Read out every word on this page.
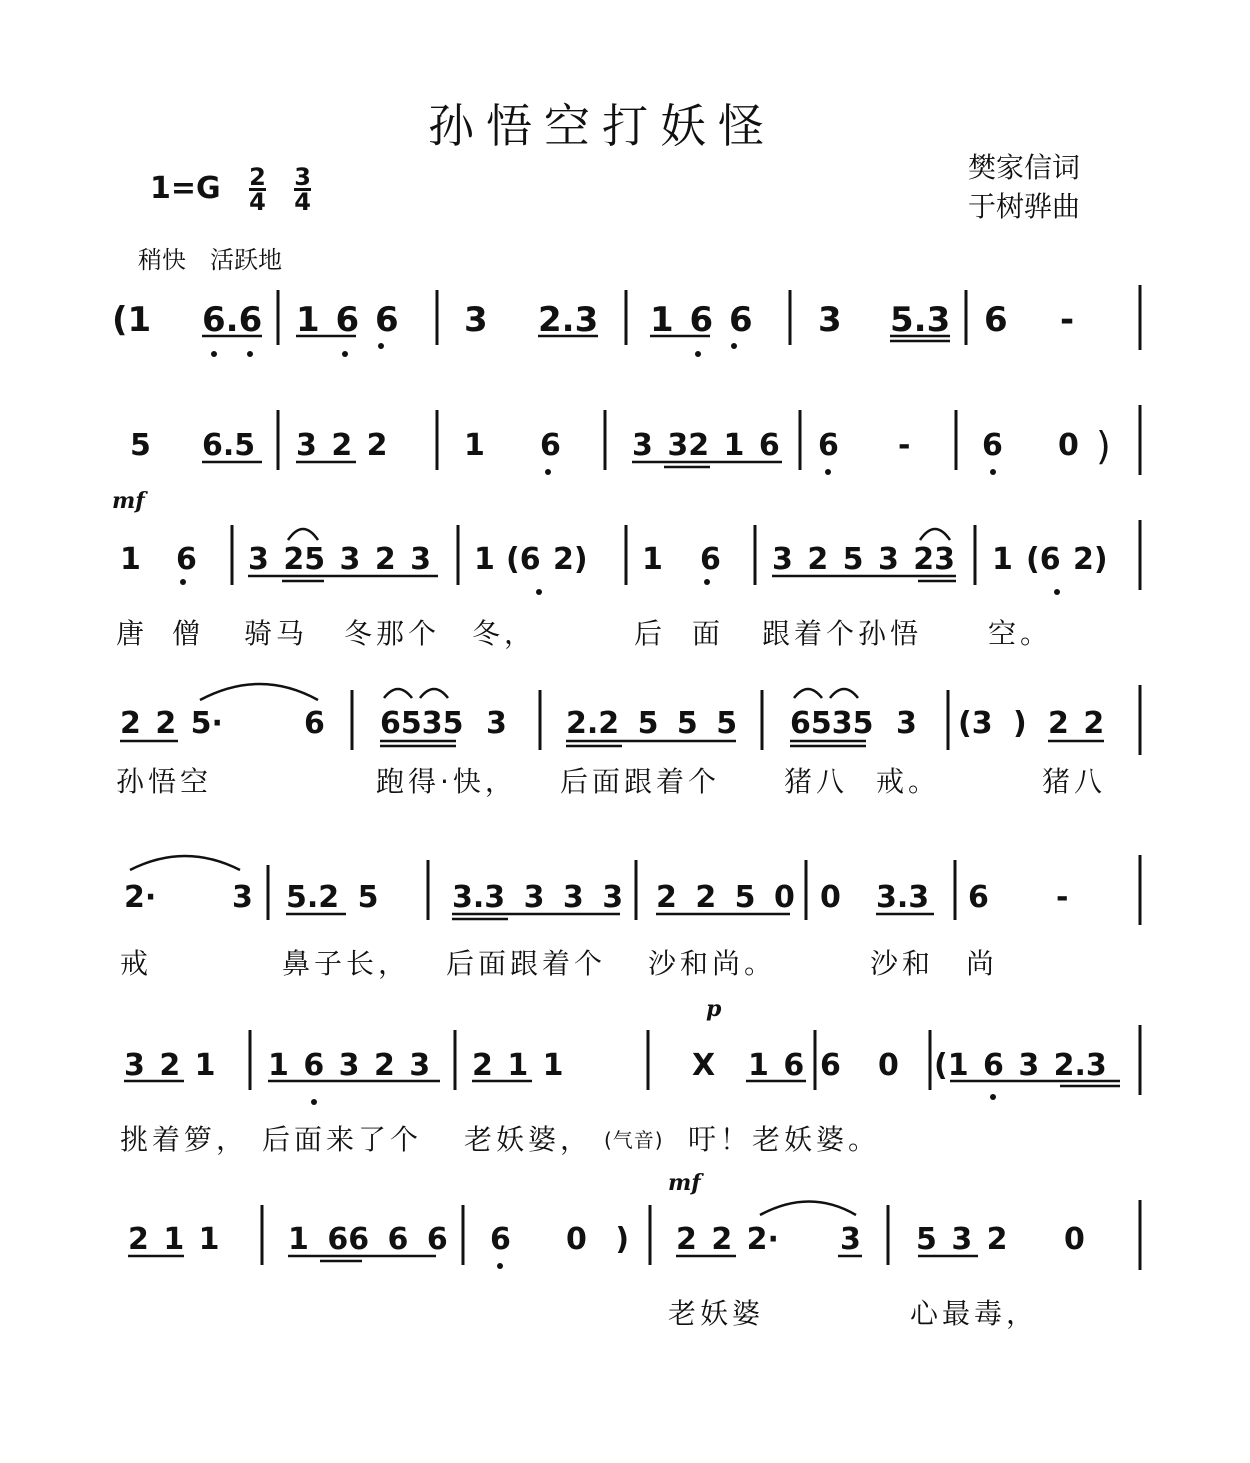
孙悟空打妖怪
$1=G \frac{2}{4}$
$\frac{3}{4}$	樊家信词
于树骅曲
稍快　活跃地
(1 6.6 1 6 6 3 2.3 1 6 6 3 5.3 6 -
5 6.5 3 2 2	1 6 3 32 1 6 6 - 6 0 )
mf
1 6 3 25 3 2 3 1 (6 2) 1 6 3 2 5 3 23 1 (6 2)
唐 僧 骑马 冬那个 冬，	后 面 跟着个孙悟 空。
2 2 5·	6 6535 3 2.2 5 5 5 6535 3 (3 ) 2 2
孙悟空	跑得·快， 后面跟着个 猪八 戒。	猪八
2·	3 5.2 5 3.3 3 3 3 2 2 5 0 0 3.3 6 -
戒	鼻子长， 后面跟着个 沙和尚。	沙和 尚
p
3 2 1 1 6 3 2 3 2 1 1	X 1 6 6 0 (1 6 3 2.3
挑着箩， 后面来了个 老妖婆， (气音) 吁！老妖婆。
mf
2 1 1 1 66 6 6 6 0 ) 2 2 2· 3 5 3 2 0
老妖婆	心最毒，
